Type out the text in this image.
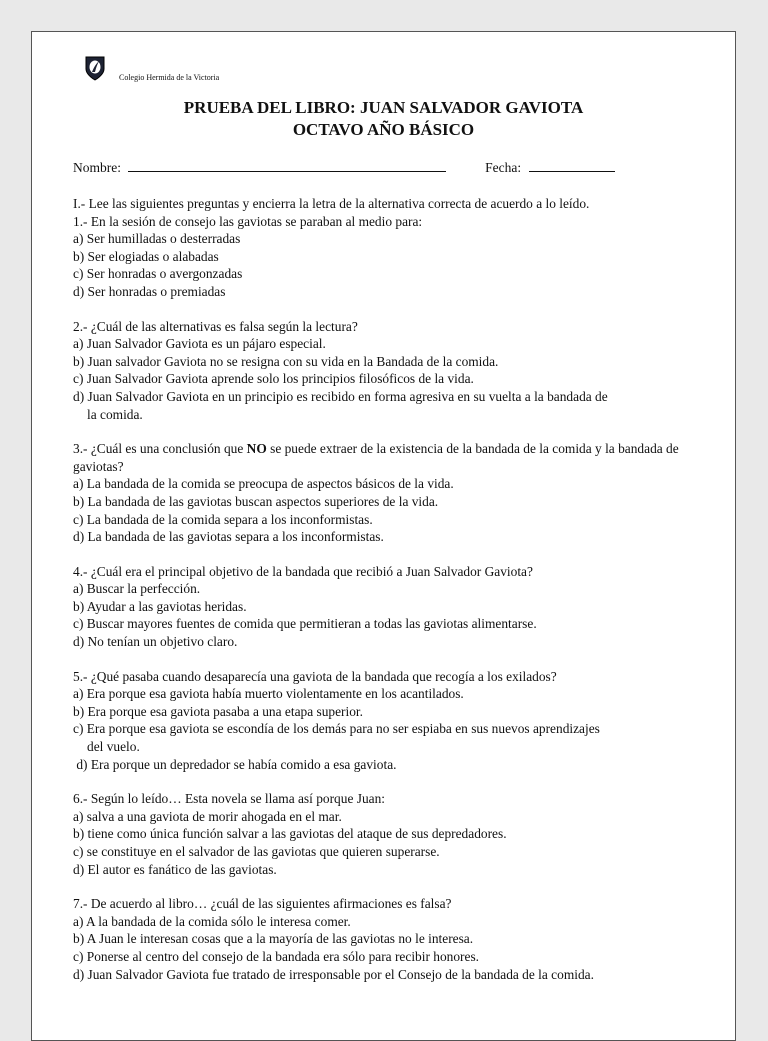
Colegio Hermida de la Victoria
PRUEBA DEL LIBRO: JUAN SALVADOR GAVIOTA
OCTAVO AÑO BÁSICO
Nombre:	Fecha:
I.- Lee las siguientes preguntas y encierra la letra de la alternativa correcta de acuerdo a lo leído.
1.- En la sesión de consejo las gaviotas se paraban al medio para:
a) Ser humilladas o desterradas
b) Ser elogiadas o alabadas
c) Ser honradas o avergonzadas
d) Ser honradas o premiadas
2.- ¿Cuál de las alternativas es falsa según la lectura?
a) Juan Salvador Gaviota es un pájaro especial.
b) Juan salvador Gaviota no se resigna con su vida en la Bandada de la comida.
c) Juan Salvador Gaviota aprende solo los principios filosóficos de la vida.
d) Juan Salvador Gaviota en un principio es recibido en forma agresiva en su vuelta a la bandada de
la comida.
3.- ¿Cuál es una conclusión que NO se puede extraer de la existencia de la bandada de la comida y la bandada de gaviotas?
a) La bandada de la comida se preocupa de aspectos básicos de la vida.
b) La bandada de las gaviotas buscan aspectos superiores de la vida.
c) La bandada de la comida separa a los inconformistas.
d) La bandada de las gaviotas separa a los inconformistas.
4.- ¿Cuál era el principal objetivo de la bandada que recibió a Juan Salvador Gaviota?
a) Buscar la perfección.
b) Ayudar a las gaviotas heridas.
c) Buscar mayores fuentes de comida que permitieran a todas las gaviotas alimentarse.
d) No tenían un objetivo claro.
5.- ¿Qué pasaba cuando desaparecía una gaviota de la bandada que recogía a los exilados?
a) Era porque esa gaviota había muerto violentamente en los acantilados.
b) Era porque esa gaviota pasaba a una etapa superior.
c) Era porque esa gaviota se escondía de los demás para no ser espiaba en sus nuevos aprendizajes
del vuelo.
d) Era porque un depredador se había comido a esa gaviota.
6.- Según lo leído… Esta novela se llama así porque Juan:
a) salva a una gaviota de morir ahogada en el mar.
b) tiene como única función salvar a las gaviotas del ataque de sus depredadores.
c) se constituye en el salvador de las gaviotas que quieren superarse.
d) El autor es fanático de las gaviotas.
7.- De acuerdo al libro… ¿cuál de las siguientes afirmaciones es falsa?
a) A la bandada de la comida sólo le interesa comer.
b) A Juan le interesan cosas que a la mayoría de las gaviotas no le interesa.
c) Ponerse al centro del consejo de la bandada era sólo para recibir honores.
d) Juan Salvador Gaviota fue tratado de irresponsable por el Consejo de la bandada de la comida.
